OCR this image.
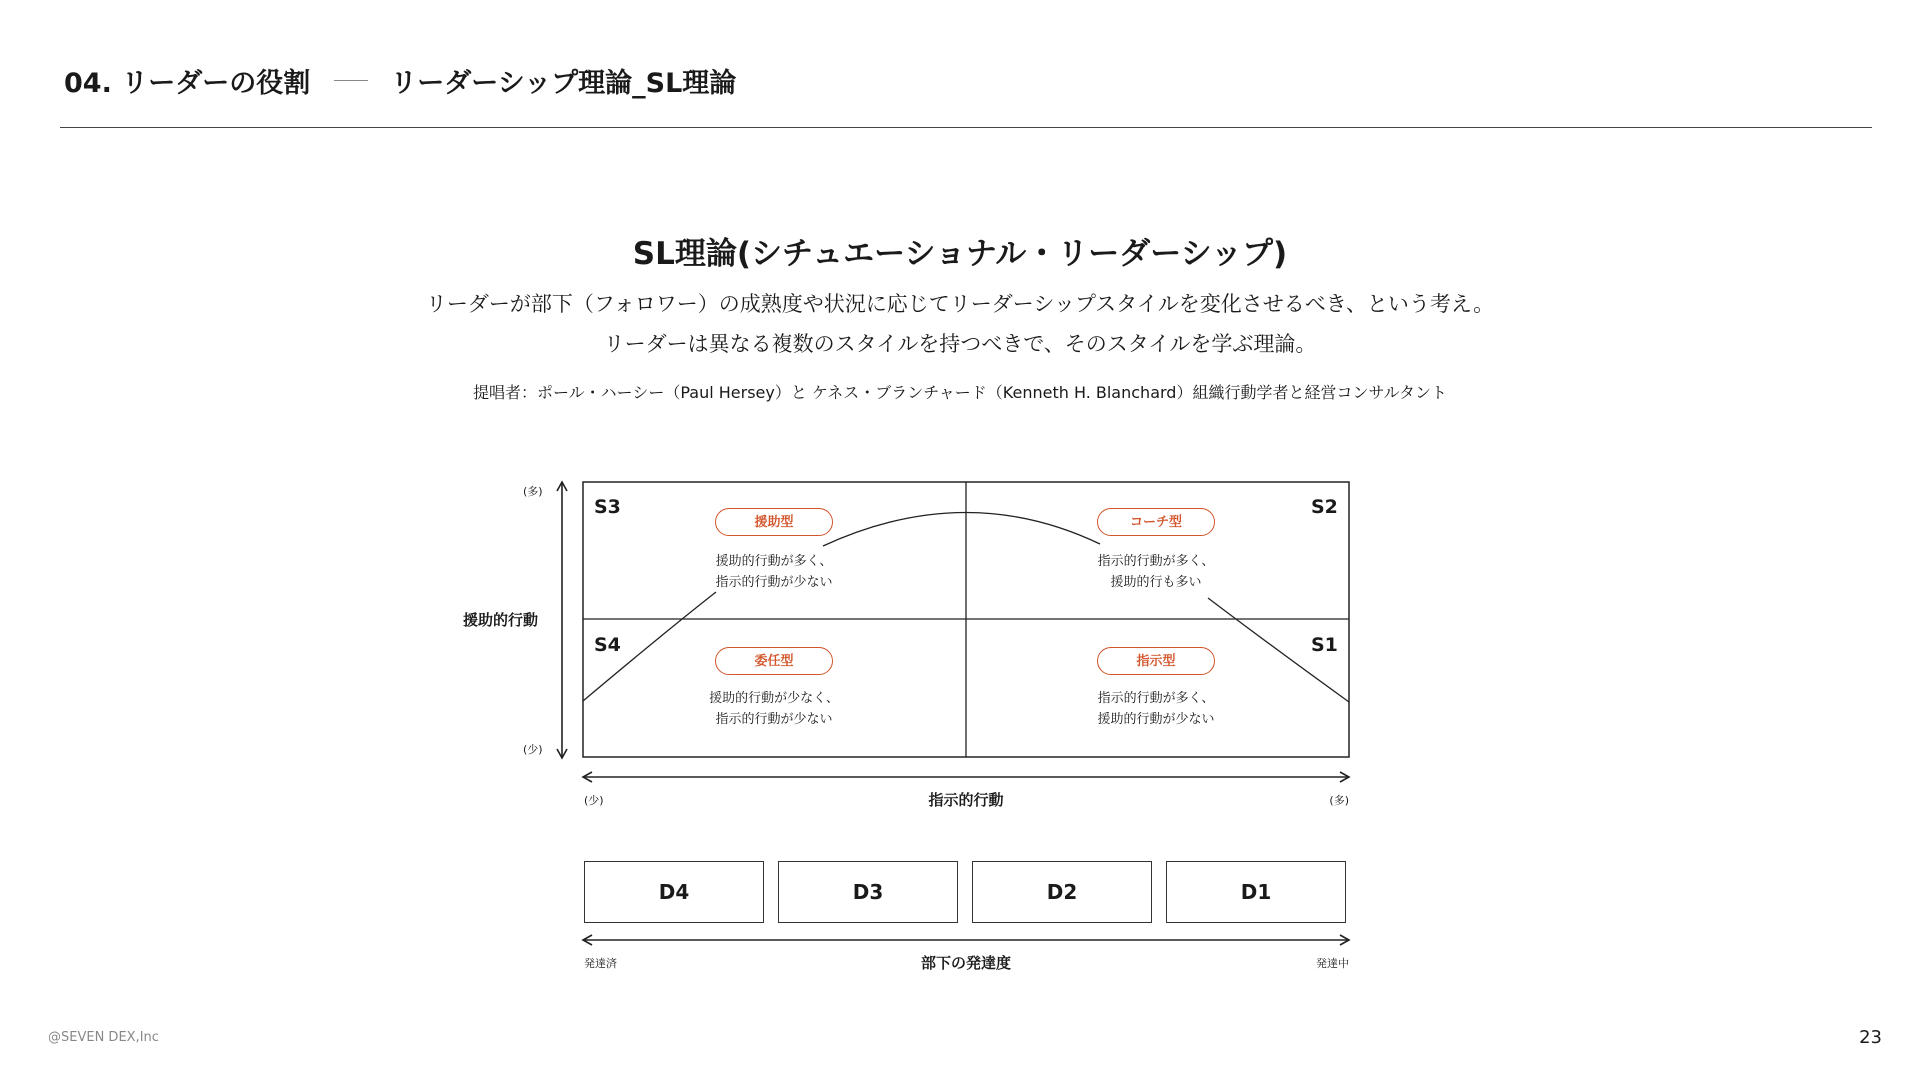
04. リーダーの役割	リーダーシップ理論_SL理論
SL理論(シチュエーショナル・リーダーシップ)
リーダーが部下（フォロワー）の成熟度や状況に応じてリーダーシップスタイルを変化させるべき、という考え。
リーダーは異なる複数のスタイルを持つべきで、そのスタイルを学ぶ理論。
提唱者：ポール・ハーシー（Paul Hersey）と ケネス・ブランチャード（Kenneth H. Blanchard）組織行動学者と経営コンサルタント
(多)
(少)
援助的行動
S3	S2
S4	S1
援助型	コーチ型
委任型	指示型
援助的行動が多く、
指示的行動が少ない
指示的行動が多く、
援助的行も多い
援助的行動が少なく、
指示的行動が少ない
指示的行動が多く、
援助的行動が少ない
(少)	指示的行動	(多)
D4	D3	D2	D1
発達済	部下の発達度	発達中
@SEVEN DEX,Inc	23
